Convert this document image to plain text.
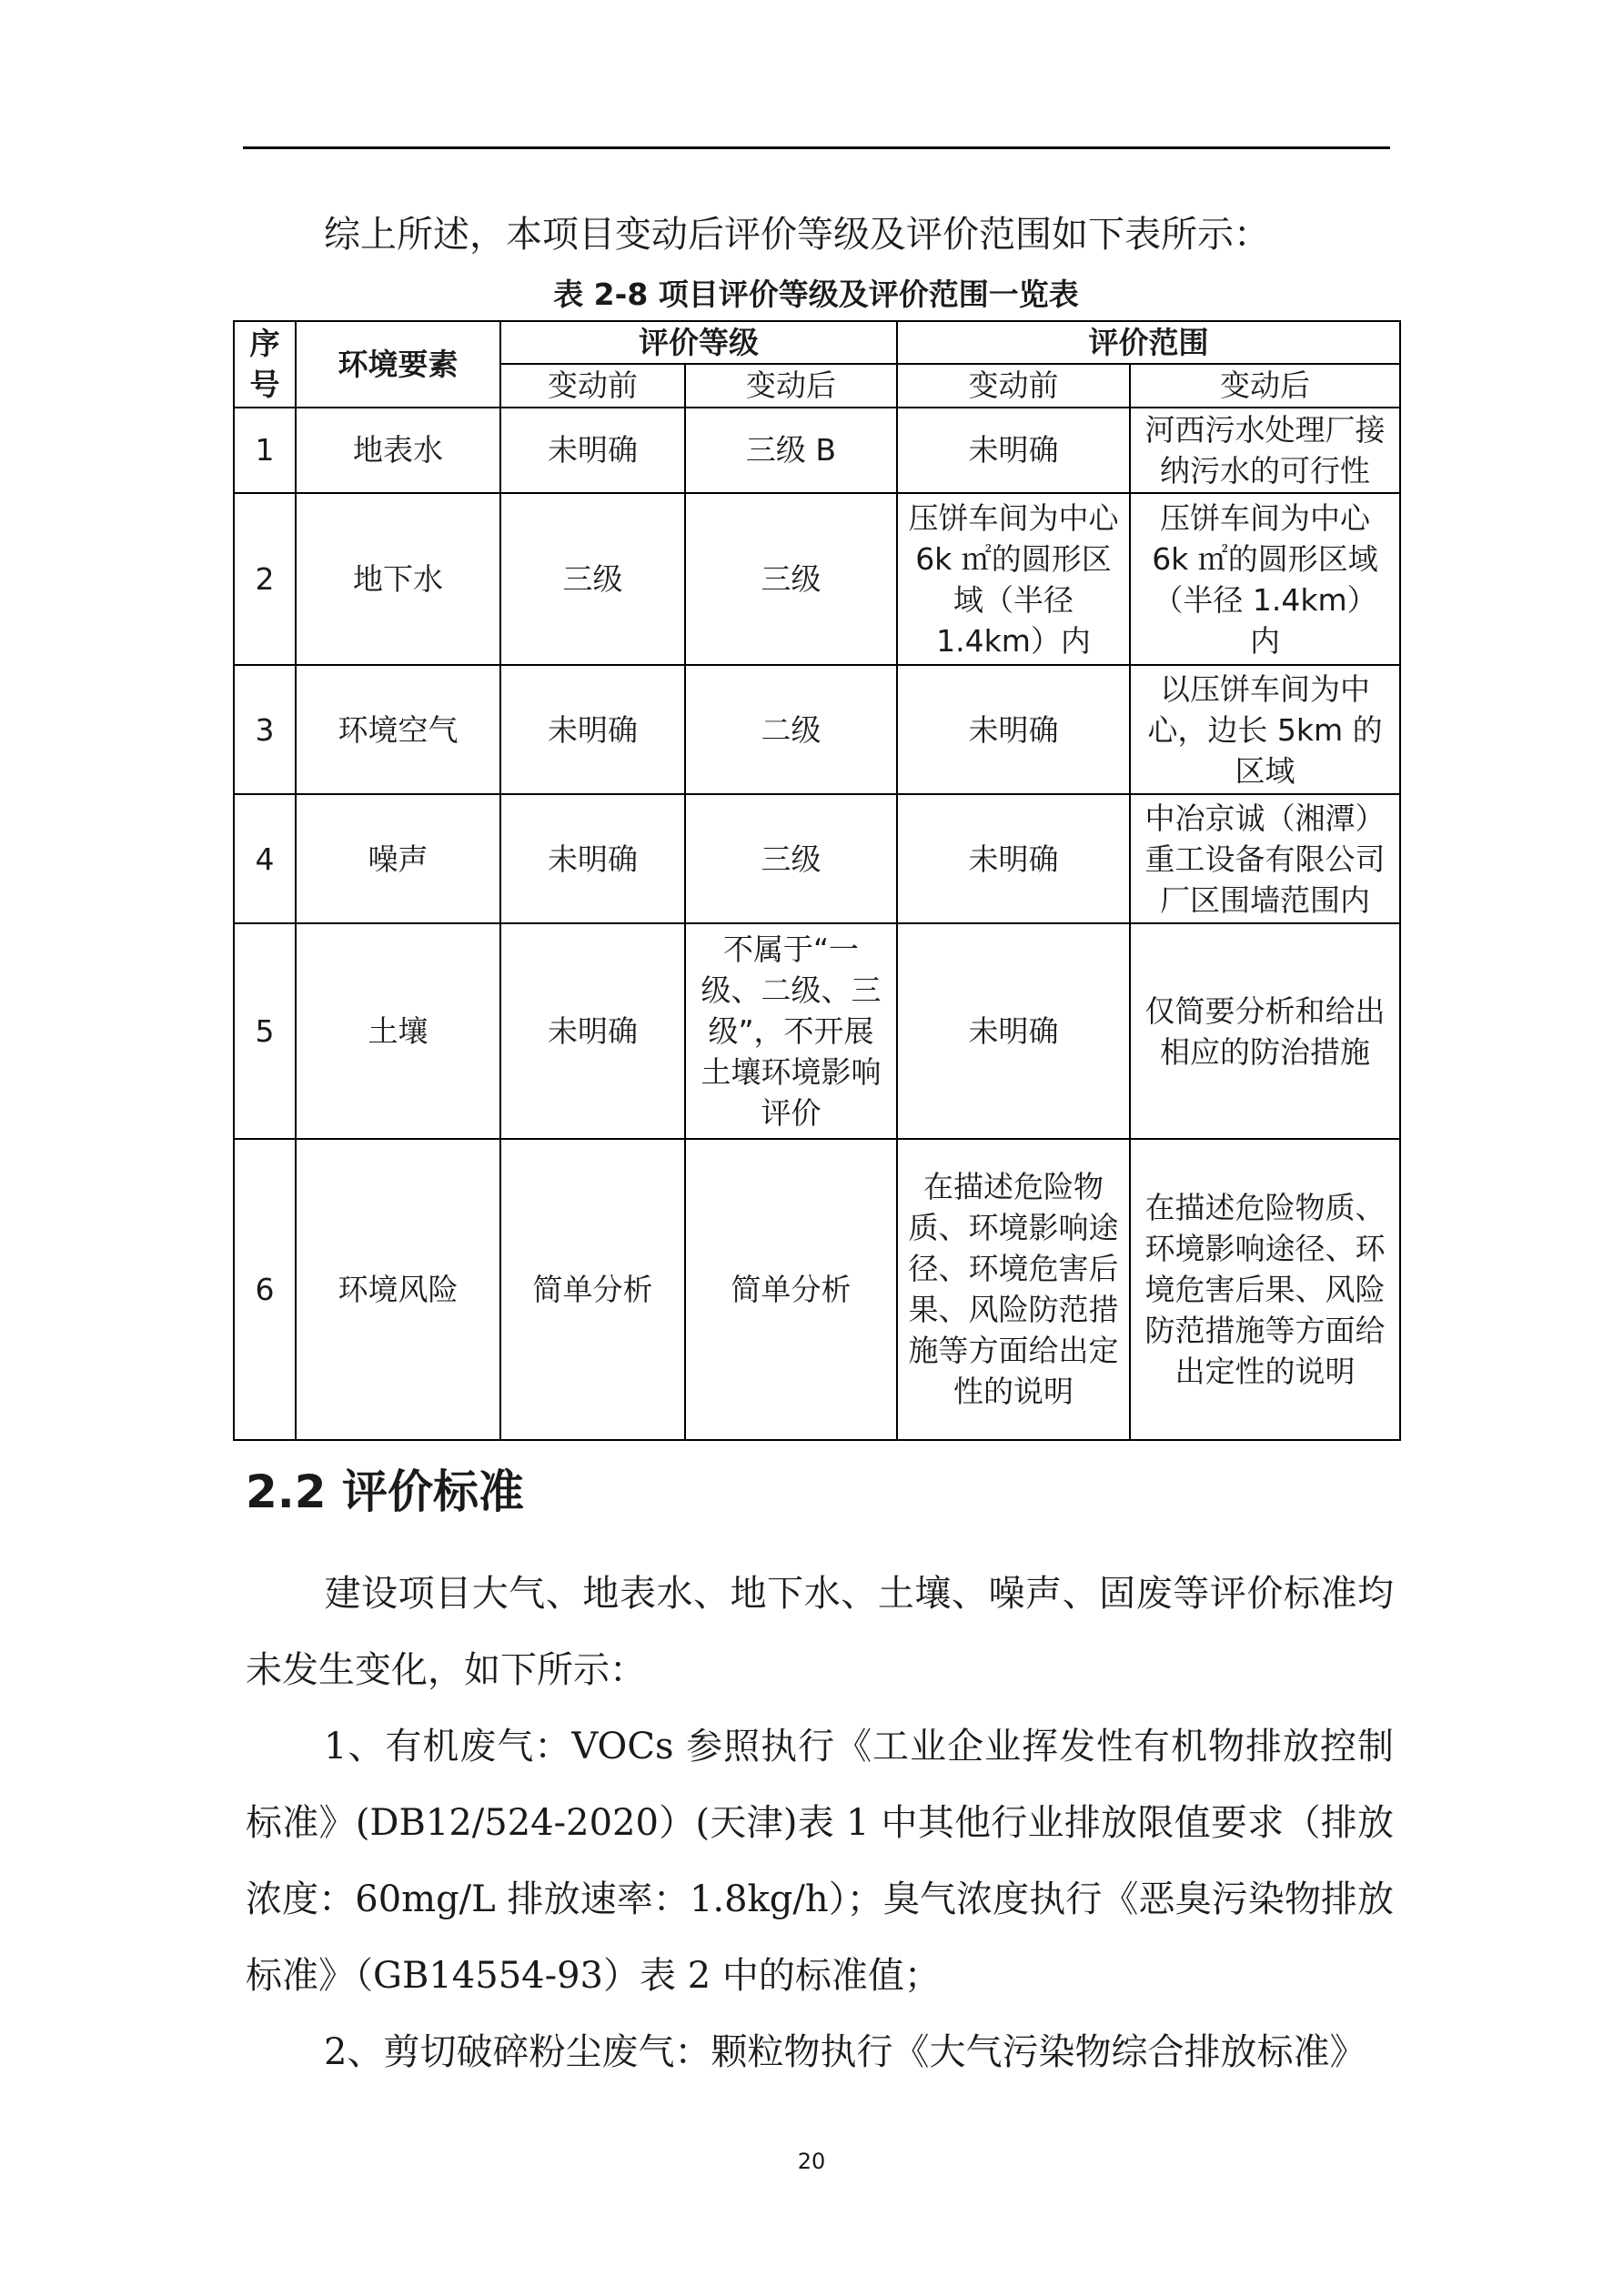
综上所述，本项目变动后评价等级及评价范围如下表所示：
表 2-8 项目评价等级及评价范围一览表
序号	环境要素	评价等级		评价范围	
		变动前	变动后	变动前	变动后
1	地表水	未明确	三级 B	未明确	河西污水处理厂接纳污水的可行性
2	地下水	三级	三级	压饼车间为中心 6k ㎡的圆形区域（半径 1.4km）内	压饼车间为中心 6k ㎡的圆形区域（半径 1.4km）内
3	环境空气	未明确	二级	未明确	以压饼车间为中心，边长 5km 的区域
4	噪声	未明确	三级	未明确	中冶京诚（湘潭）重工设备有限公司厂区围墙范围内
5	土壤	未明确	不属于“一级、二级、三级”，不开展土壤环境影响评价	未明确	仅简要分析和给出相应的防治措施
6	环境风险	简单分析	简单分析	在描述危险物质、环境影响途径、环境危害后果、风险防范措施等方面给出定性的说明	在描述危险物质、环境影响途径、环境危害后果、风险防范措施等方面给出定性的说明
2.2 评价标准
建设项目大气、地表水、地下水、土壤、噪声、固废等评价标准均未发生变化，如下所示：
1、有机废气：VOCs 参照执行《工业企业挥发性有机物排放控制标准》(DB12/524-2020）(天津)表 1 中其他行业排放限值要求（排放浓度：60mg/L 排放速率：1.8kg/h）；臭气浓度执行《恶臭污染物排放标准》（GB14554-93）表 2 中的标准值；
2、剪切破碎粉尘废气：颗粒物执行《大气污染物综合排放标准》
20
